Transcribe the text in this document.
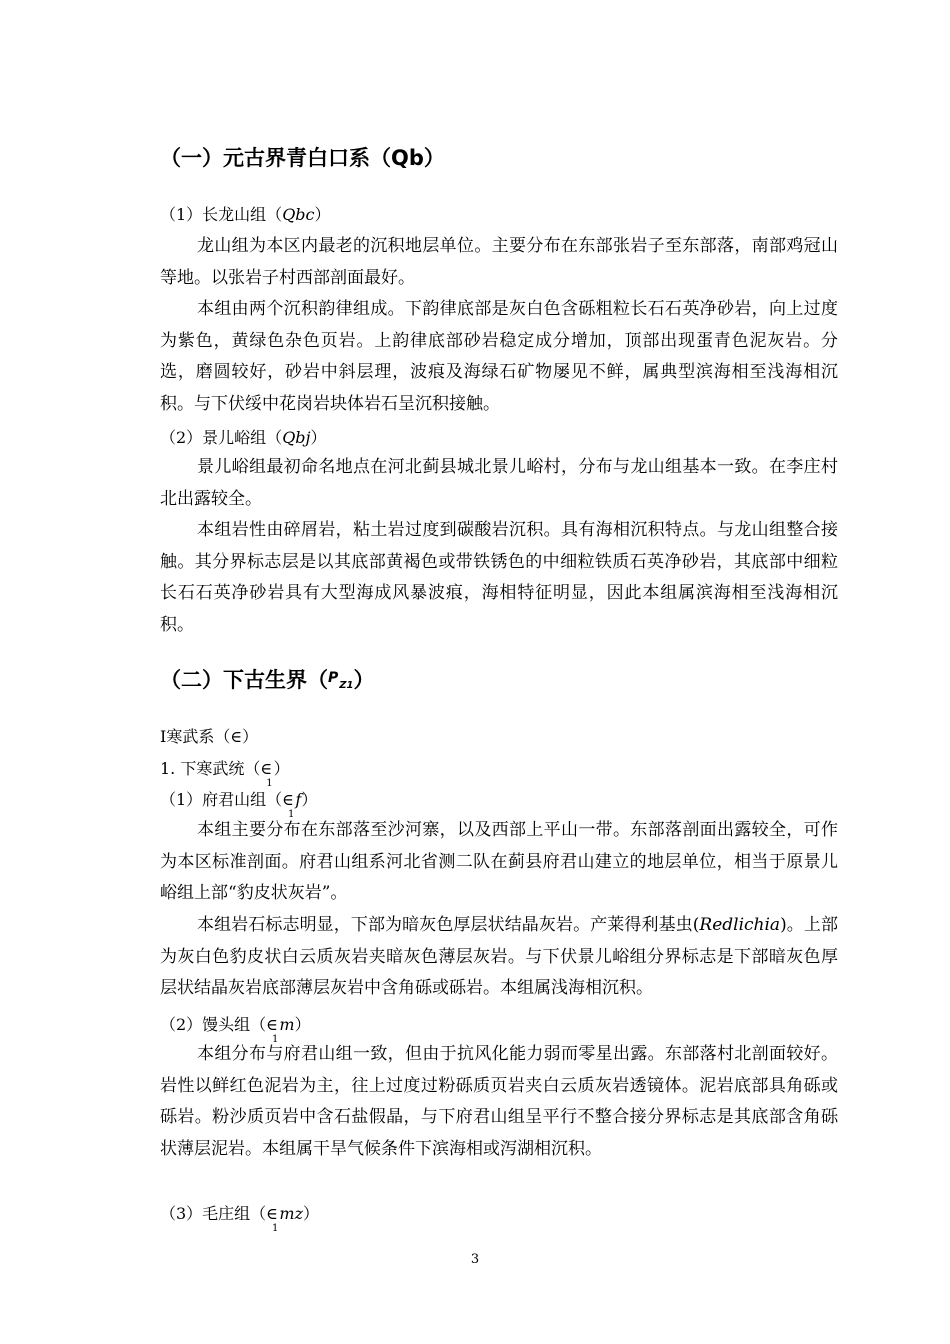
（一）元古界青白口系（Qb）
（1）长龙山组（Qbc）

龙山组为本区内最老的沉积地层单位。主要分布在东部张岩子至东部落，南部鸡冠山等地。以张岩子村西部剖面最好。

本组由两个沉积韵律组成。下韵律底部是灰白色含砾粗粒长石石英净砂岩，向上过度为紫色，黄绿色杂色页岩。上韵律底部砂岩稳定成分增加，顶部出现蛋青色泥灰岩。分选，磨圆较好，砂岩中斜层理，波痕及海绿石矿物屡见不鲜，属典型滨海相至浅海相沉积。与下伏绥中花岗岩块体岩石呈沉积接触。

（2）景儿峪组（Qbj）

景儿峪组最初命名地点在河北蓟县城北景儿峪村，分布与龙山组基本一致。在李庄村北出露较全。

本组岩性由碎屑岩，粘土岩过度到碳酸岩沉积。具有海相沉积特点。与龙山组整合接触。其分界标志层是以其底部黄褐色或带铁锈色的中细粒铁质石英净砂岩，其底部中细粒长石石英净砂岩具有大型海成风暴波痕，海相特征明显，因此本组属滨海相至浅海相沉积。

（二）下古生界（$^{P_{Z1}}$）
Ⅰ寒武系（∈）
1. 下寒武统$(\in_1)$
（1）府君山组$(\in_1f)$

本组主要分布在东部落至沙河寨，以及西部上平山一带。东部落剖面出露较全，可作为本区标准剖面。府君山组系河北省测二队在蓟县府君山建立的地层单位，相当于原景儿峪组上部“豹皮状灰岩”。

本组岩石标志明显，下部为暗灰色厚层状结晶灰岩。产莱得利基虫(Redlichia)。上部为灰白色豹皮状白云质灰岩夹暗灰色薄层灰岩。与下伏景儿峪组分界标志是下部暗灰色厚层状结晶灰岩底部薄层灰岩中含角砾或砾岩。本组属浅海相沉积。

（2）馒头组$(\in_1m)$

本组分布与府君山组一致，但由于抗风化能力弱而零星出露。东部落村北剖面较好。岩性以鲜红色泥岩为主，往上过度过粉砾质页岩夹白云质灰岩透镜体。泥岩底部具角砾或砾岩。粉沙质页岩中含石盐假晶，与下府君山组呈平行不整合接分界标志是其底部含角砾状薄层泥岩。本组属干旱气候条件下滨海相或泻湖相沉积。

（3）毛庄组$(\in_1mz)$
3
